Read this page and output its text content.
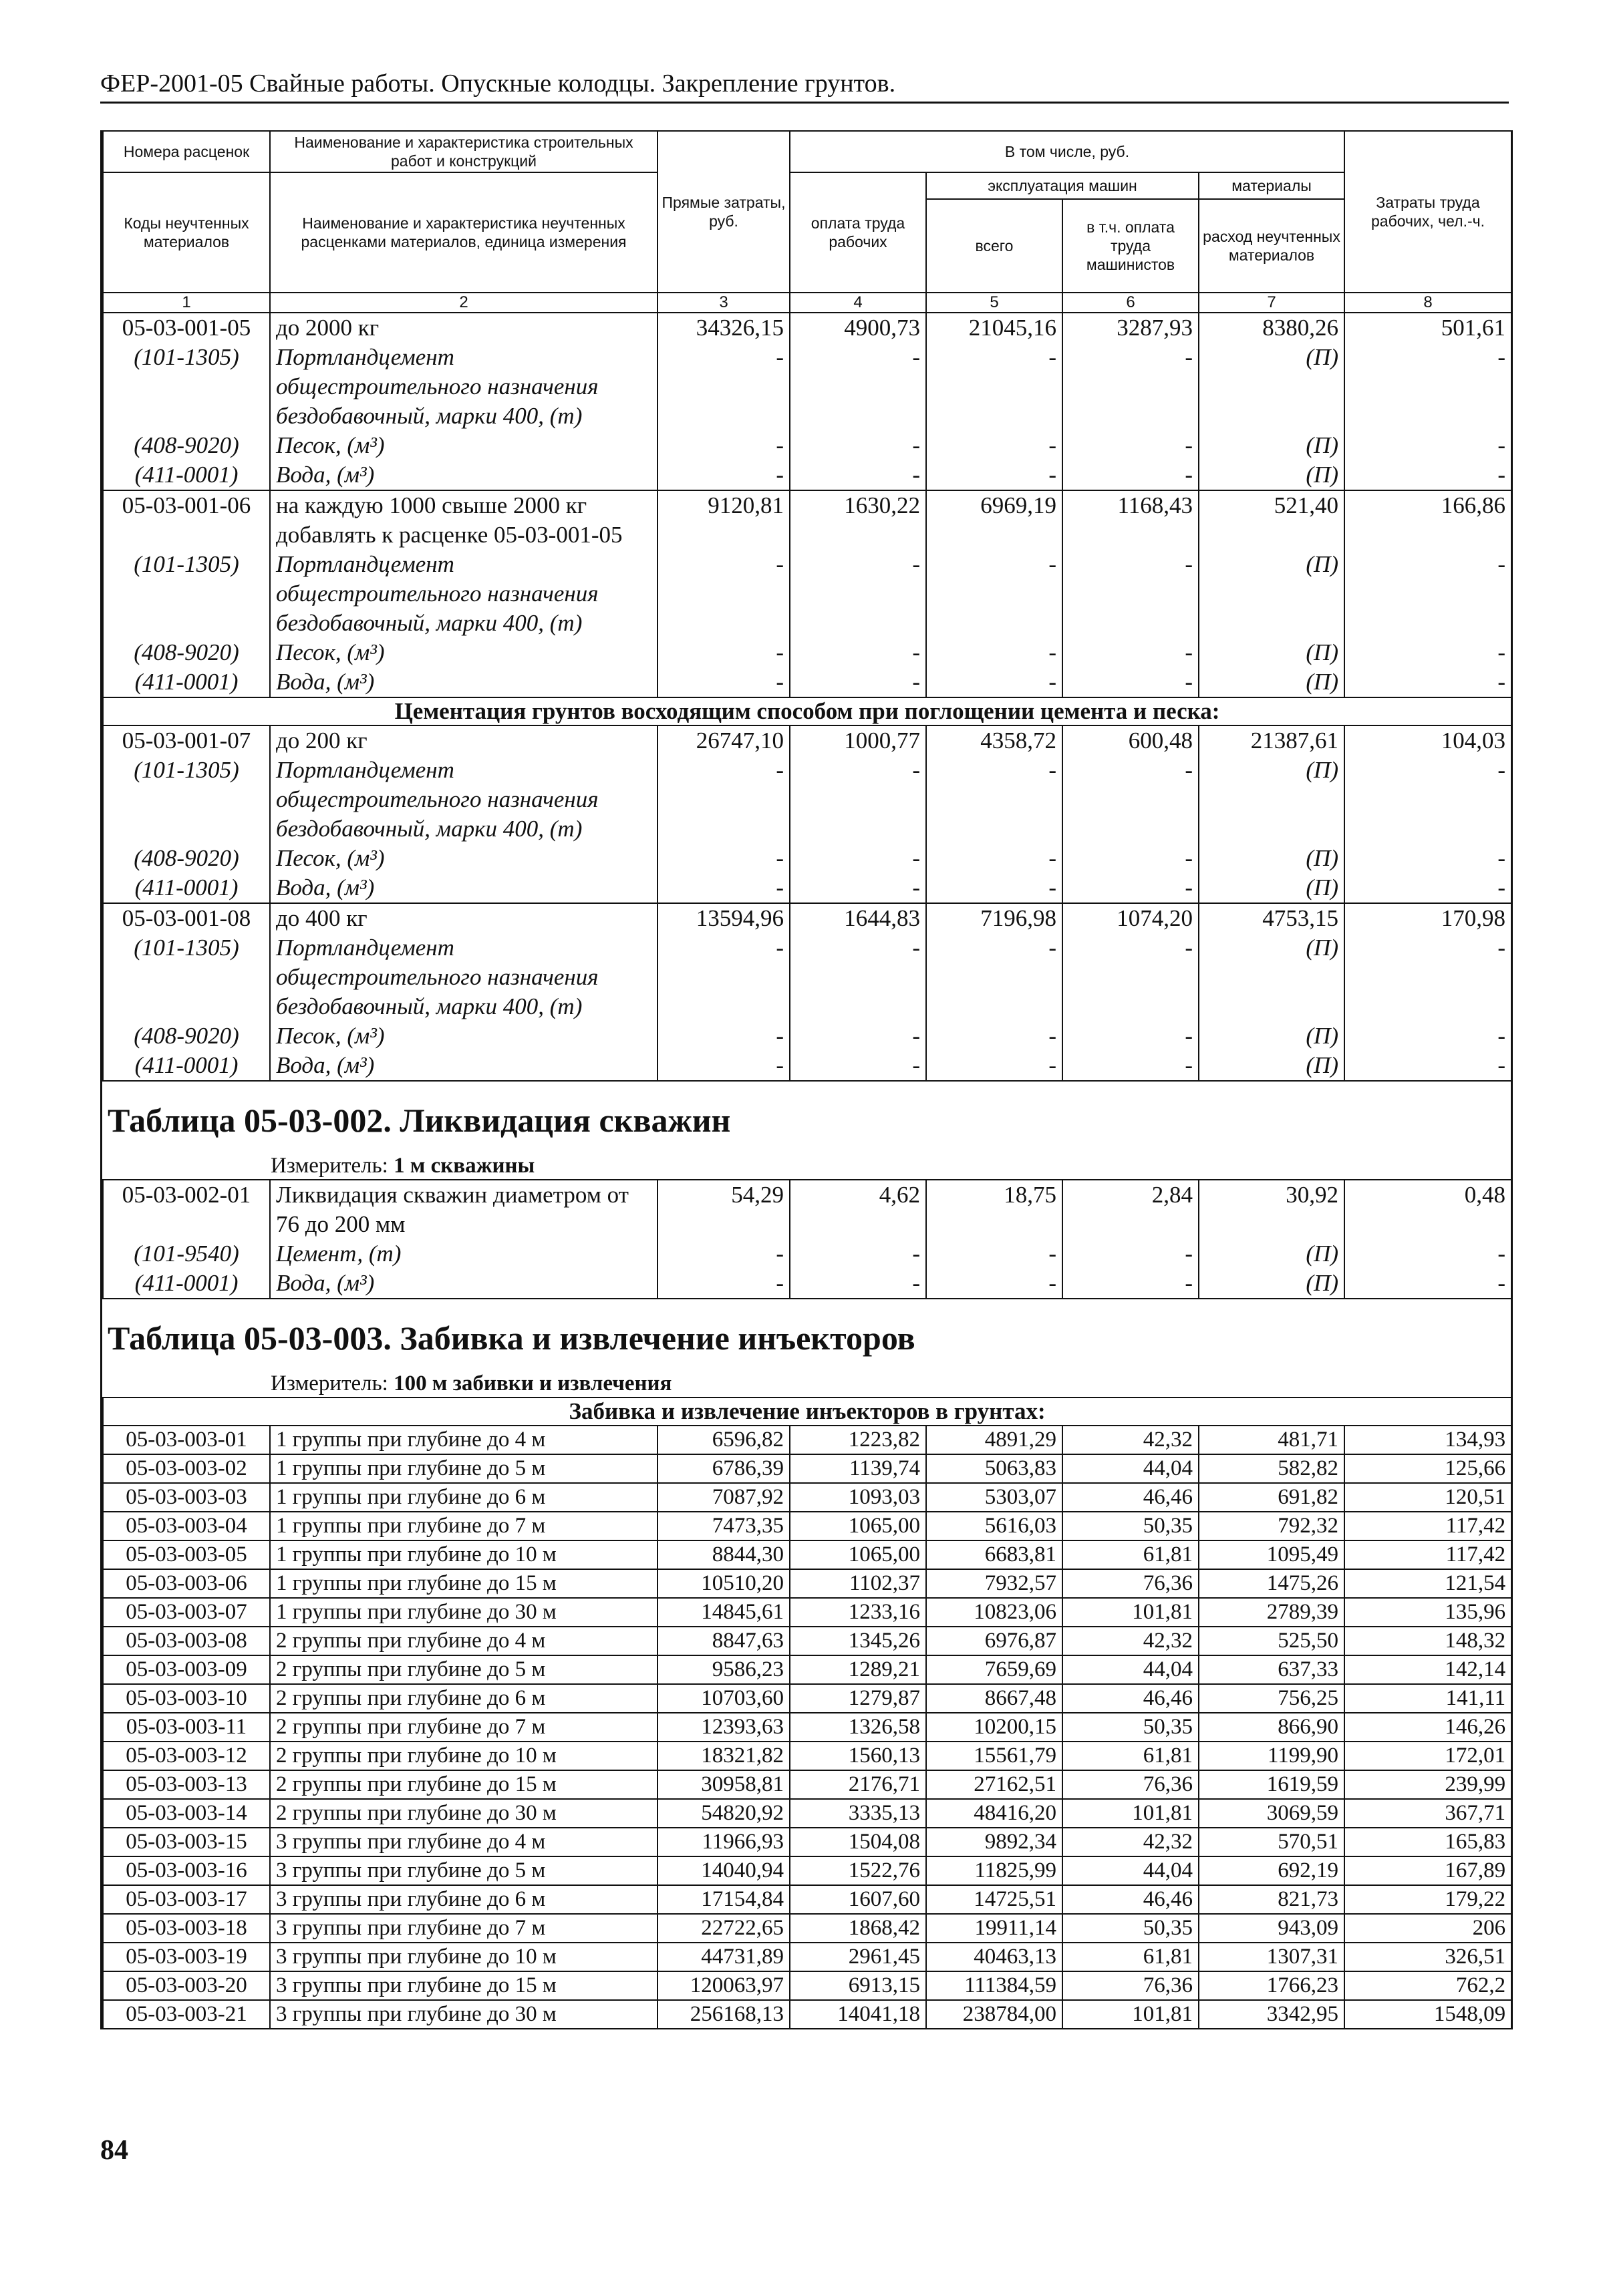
ФЕР-2001-05 Свайные работы. Опускные колодцы. Закрепление грунтов.
Номера расценок	Наименование и характеристика строительных работ и конструкций	Прямые затраты, руб.	В том числе, руб.				Затраты труда рабочих, чел.-ч.
Коды неучтенных материалов	Наименование и характеристика неучтенных расценками материалов, единица измерения		оплата труда рабочих	эксплуатация машин		материалы	
				всего	в т.ч. оплата труда машинистов	расход неучтенных материалов	
1	2	3	4	5	6	7	8
05-03-001-05	до 2000 кг	34326,15	4900,73	21045,16	3287,93	8380,26	501,61
(101-1305)	Портландцемент общестроительного назначения бездобавочный, марки 400, (т)	-	-	-	-	(П)	-
(408-9020)	Песок, (м³)	-	-	-	-	(П)	-
(411-0001)	Вода, (м³)	-	-	-	-	(П)	-
05-03-001-06	на каждую 1000 свыше 2000 кг добавлять к расценке 05-03-001-05	9120,81	1630,22	6969,19	1168,43	521,40	166,86
(101-1305)	Портландцемент общестроительного назначения бездобавочный, марки 400, (т)	-	-	-	-	(П)	-
(408-9020)	Песок, (м³)	-	-	-	-	(П)	-
(411-0001)	Вода, (м³)	-	-	-	-	(П)	-
Цементация грунтов восходящим способом при поглощении цемента и песка:							
05-03-001-07	до 200 кг	26747,10	1000,77	4358,72	600,48	21387,61	104,03
(101-1305)	Портландцемент общестроительного назначения бездобавочный, марки 400, (т)	-	-	-	-	(П)	-
(408-9020)	Песок, (м³)	-	-	-	-	(П)	-
(411-0001)	Вода, (м³)	-	-	-	-	(П)	-
05-03-001-08	до 400 кг	13594,96	1644,83	7196,98	1074,20	4753,15	170,98
(101-1305)	Портландцемент общестроительного назначения бездобавочный, марки 400, (т)	-	-	-	-	(П)	-
(408-9020)	Песок, (м³)	-	-	-	-	(П)	-
(411-0001)	Вода, (м³)	-	-	-	-	(П)	-
Таблица 05-03-002. Ликвидация скважин
Измеритель: 1 м скважины
05-03-002-01	Ликвидация скважин диаметром от 76 до 200 мм	54,29	4,62	18,75	2,84	30,92	0,48
(101-9540)	Цемент, (т)	-	-	-	-	(П)	-
(411-0001)	Вода, (м³)	-	-	-	-	(П)	-
Таблица 05-03-003. Забивка и извлечение инъекторов
Измеритель: 100 м забивки и извлечения
Забивка и извлечение инъекторов в грунтах:							
05-03-003-01	1 группы при глубине до 4 м	6596,82	1223,82	4891,29	42,32	481,71	134,93
05-03-003-02	1 группы при глубине до 5 м	6786,39	1139,74	5063,83	44,04	582,82	125,66
05-03-003-03	1 группы при глубине до 6 м	7087,92	1093,03	5303,07	46,46	691,82	120,51
05-03-003-04	1 группы при глубине до 7 м	7473,35	1065,00	5616,03	50,35	792,32	117,42
05-03-003-05	1 группы при глубине до 10 м	8844,30	1065,00	6683,81	61,81	1095,49	117,42
05-03-003-06	1 группы при глубине до 15 м	10510,20	1102,37	7932,57	76,36	1475,26	121,54
05-03-003-07	1 группы при глубине до 30 м	14845,61	1233,16	10823,06	101,81	2789,39	135,96
05-03-003-08	2 группы при глубине до 4 м	8847,63	1345,26	6976,87	42,32	525,50	148,32
05-03-003-09	2 группы при глубине до 5 м	9586,23	1289,21	7659,69	44,04	637,33	142,14
05-03-003-10	2 группы при глубине до 6 м	10703,60	1279,87	8667,48	46,46	756,25	141,11
05-03-003-11	2 группы при глубине до 7 м	12393,63	1326,58	10200,15	50,35	866,90	146,26
05-03-003-12	2 группы при глубине до 10 м	18321,82	1560,13	15561,79	61,81	1199,90	172,01
05-03-003-13	2 группы при глубине до 15 м	30958,81	2176,71	27162,51	76,36	1619,59	239,99
05-03-003-14	2 группы при глубине до 30 м	54820,92	3335,13	48416,20	101,81	3069,59	367,71
05-03-003-15	3 группы при глубине до 4 м	11966,93	1504,08	9892,34	42,32	570,51	165,83
05-03-003-16	3 группы при глубине до 5 м	14040,94	1522,76	11825,99	44,04	692,19	167,89
05-03-003-17	3 группы при глубине до 6 м	17154,84	1607,60	14725,51	46,46	821,73	179,22
05-03-003-18	3 группы при глубине до 7 м	22722,65	1868,42	19911,14	50,35	943,09	206
05-03-003-19	3 группы при глубине до 10 м	44731,89	2961,45	40463,13	61,81	1307,31	326,51
05-03-003-20	3 группы при глубине до 15 м	120063,97	6913,15	111384,59	76,36	1766,23	762,2
05-03-003-21	3 группы при глубине до 30 м	256168,13	14041,18	238784,00	101,81	3342,95	1548,09
84
